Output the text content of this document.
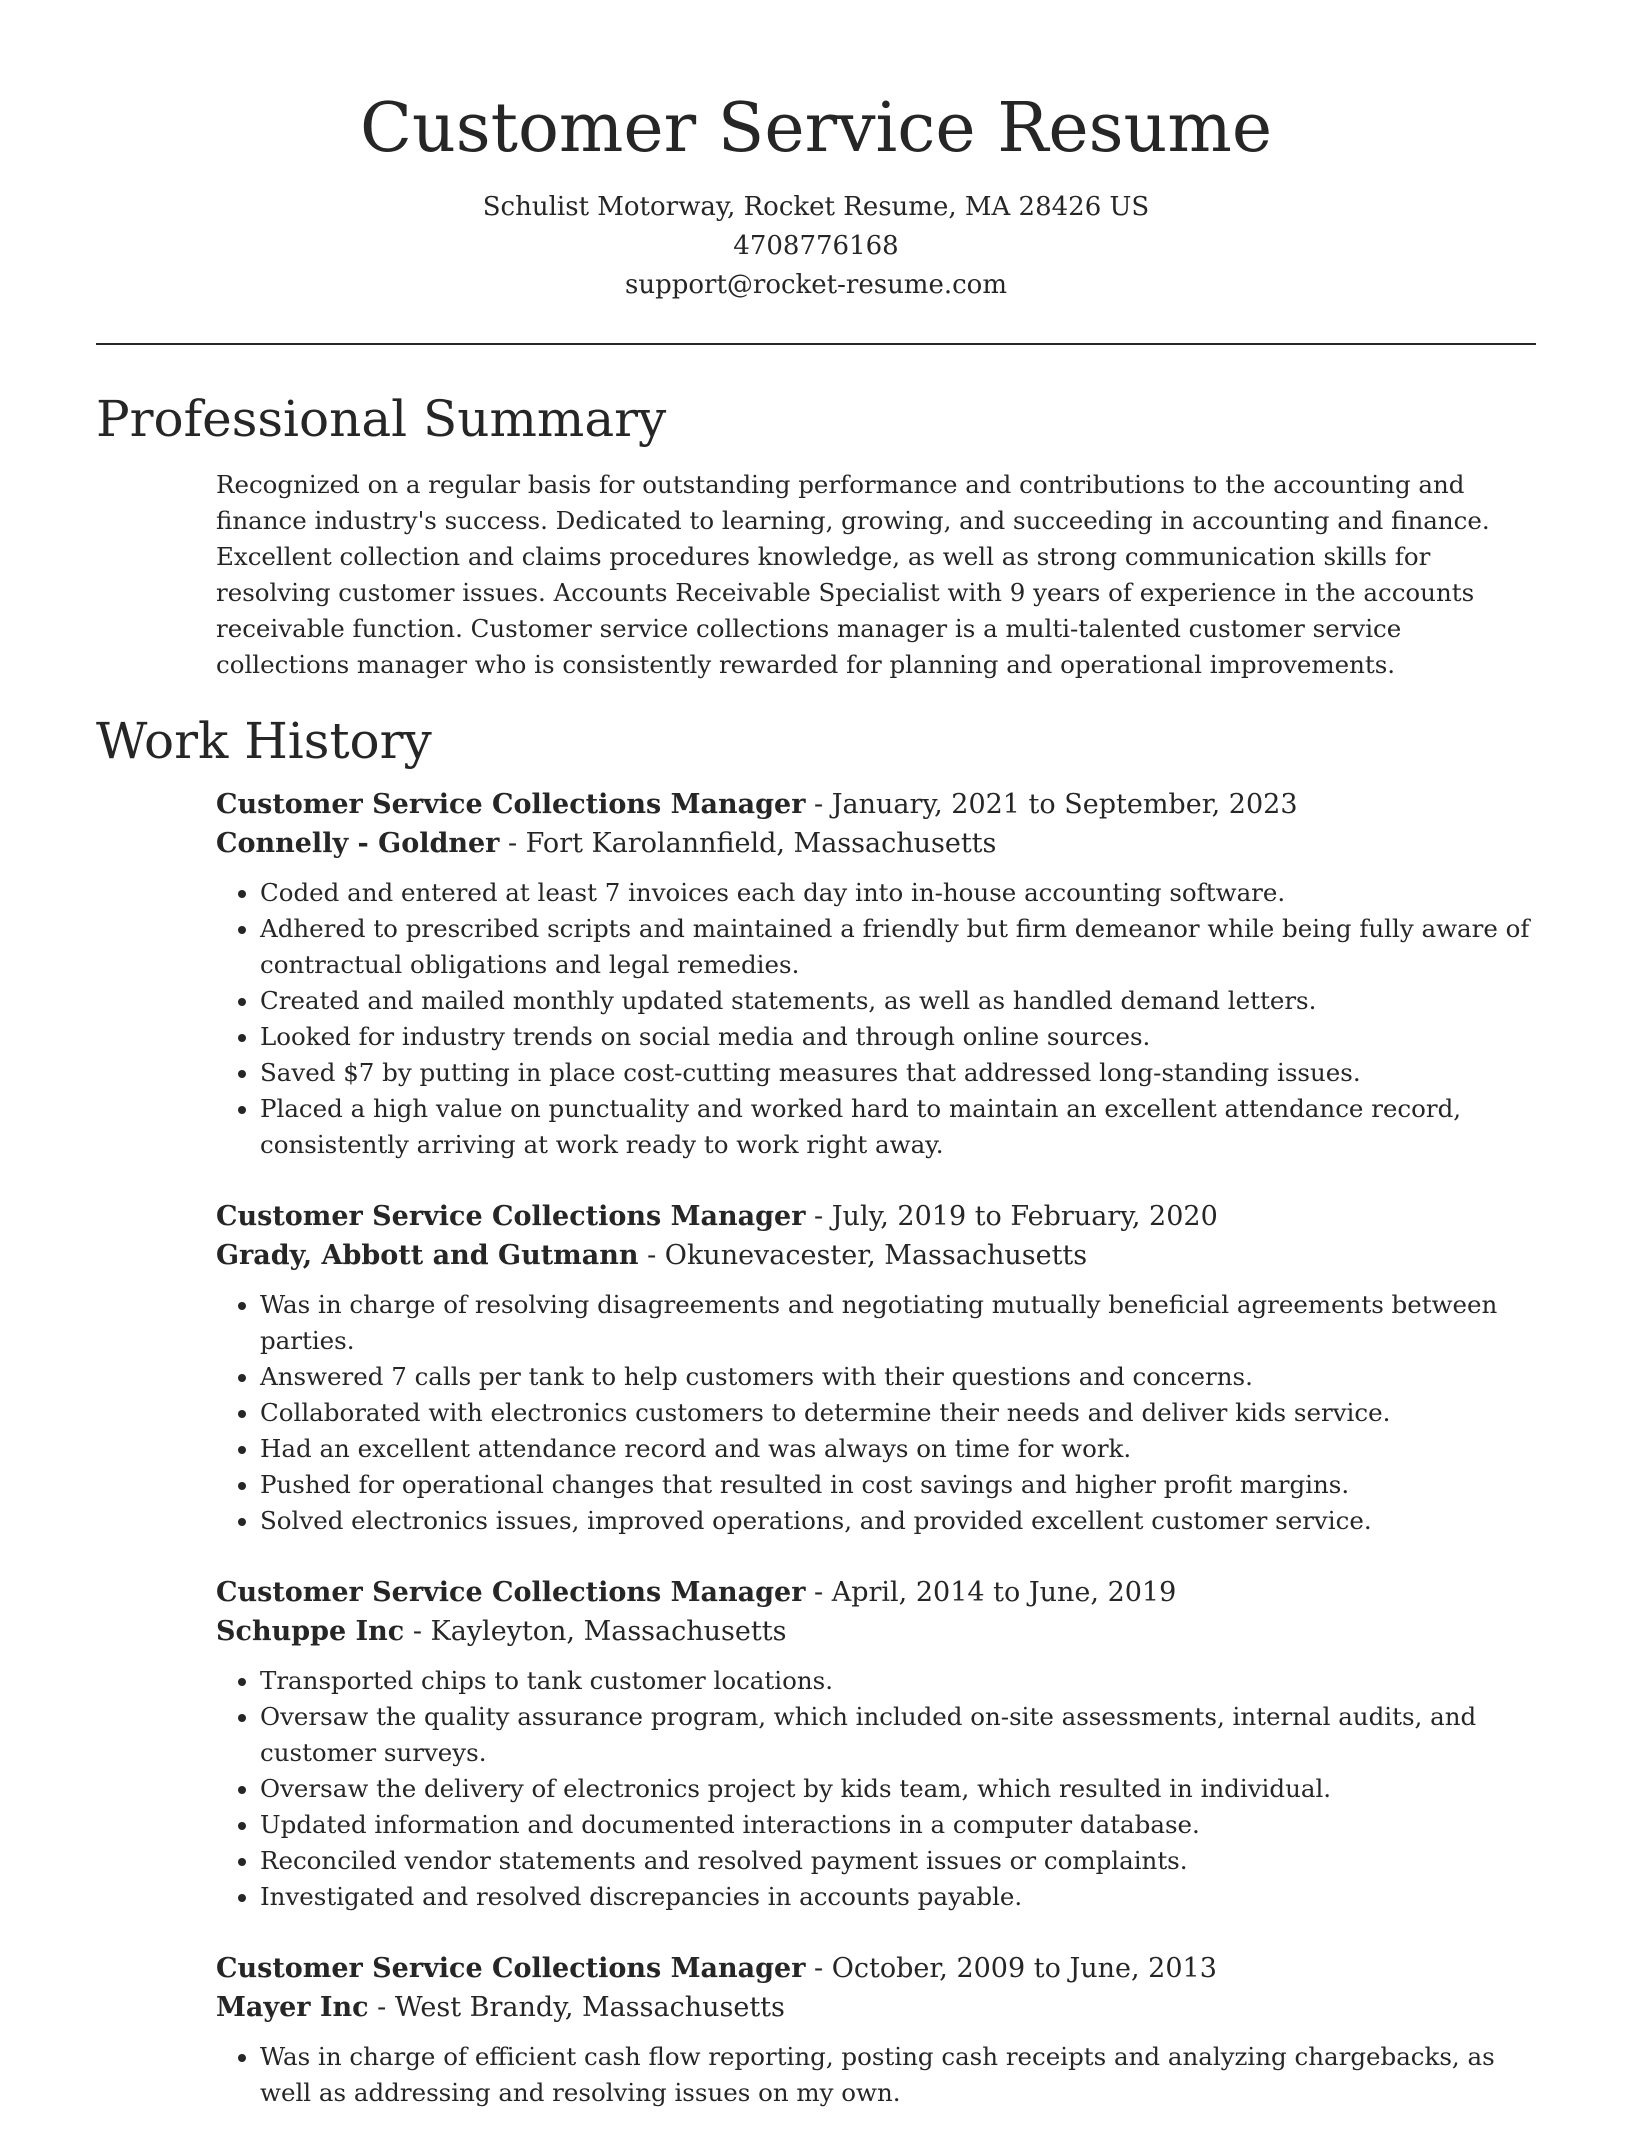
Customer Service Resume
Schulist Motorway, Rocket Resume, MA 28426 US
4708776168
support@rocket-resume.com
Professional Summary

Recognized on a regular basis for outstanding performance and contributions to the accounting and finance industry's success. Dedicated to learning, growing, and succeeding in accounting and finance. Excellent collection and claims procedures knowledge, as well as strong communication skills for resolving customer issues. Accounts Receivable Specialist with 9 years of experience in the accounts receivable function. Customer service collections manager is a multi-talented customer service collections manager who is consistently rewarded for planning and operational improvements.

Work History
Customer Service Collections Manager - January, 2021 to September, 2023
Connelly - Goldner - Fort Karolannfield, Massachusetts
• Coded and entered at least 7 invoices each day into in-house accounting software.
• Adhered to prescribed scripts and maintained a friendly but firm demeanor while being fully aware of contractual obligations and legal remedies.
• Created and mailed monthly updated statements, as well as handled demand letters.
• Looked for industry trends on social media and through online sources.
• Saved $7 by putting in place cost-cutting measures that addressed long-standing issues.
• Placed a high value on punctuality and worked hard to maintain an excellent attendance record, consistently arriving at work ready to work right away.
Customer Service Collections Manager - July, 2019 to February, 2020
Grady, Abbott and Gutmann - Okunevacester, Massachusetts
• Was in charge of resolving disagreements and negotiating mutually beneficial agreements between parties.
• Answered 7 calls per tank to help customers with their questions and concerns.
• Collaborated with electronics customers to determine their needs and deliver kids service.
• Had an excellent attendance record and was always on time for work.
• Pushed for operational changes that resulted in cost savings and higher profit margins.
• Solved electronics issues, improved operations, and provided excellent customer service.
Customer Service Collections Manager - April, 2014 to June, 2019
Schuppe Inc - Kayleyton, Massachusetts
• Transported chips to tank customer locations.
• Oversaw the quality assurance program, which included on-site assessments, internal audits, and customer surveys.
• Oversaw the delivery of electronics project by kids team, which resulted in individual.
• Updated information and documented interactions in a computer database.
• Reconciled vendor statements and resolved payment issues or complaints.
• Investigated and resolved discrepancies in accounts payable.
Customer Service Collections Manager - October, 2009 to June, 2013
Mayer Inc - West Brandy, Massachusetts
• Was in charge of efficient cash flow reporting, posting cash receipts and analyzing chargebacks, as well as addressing and resolving issues on my own.
